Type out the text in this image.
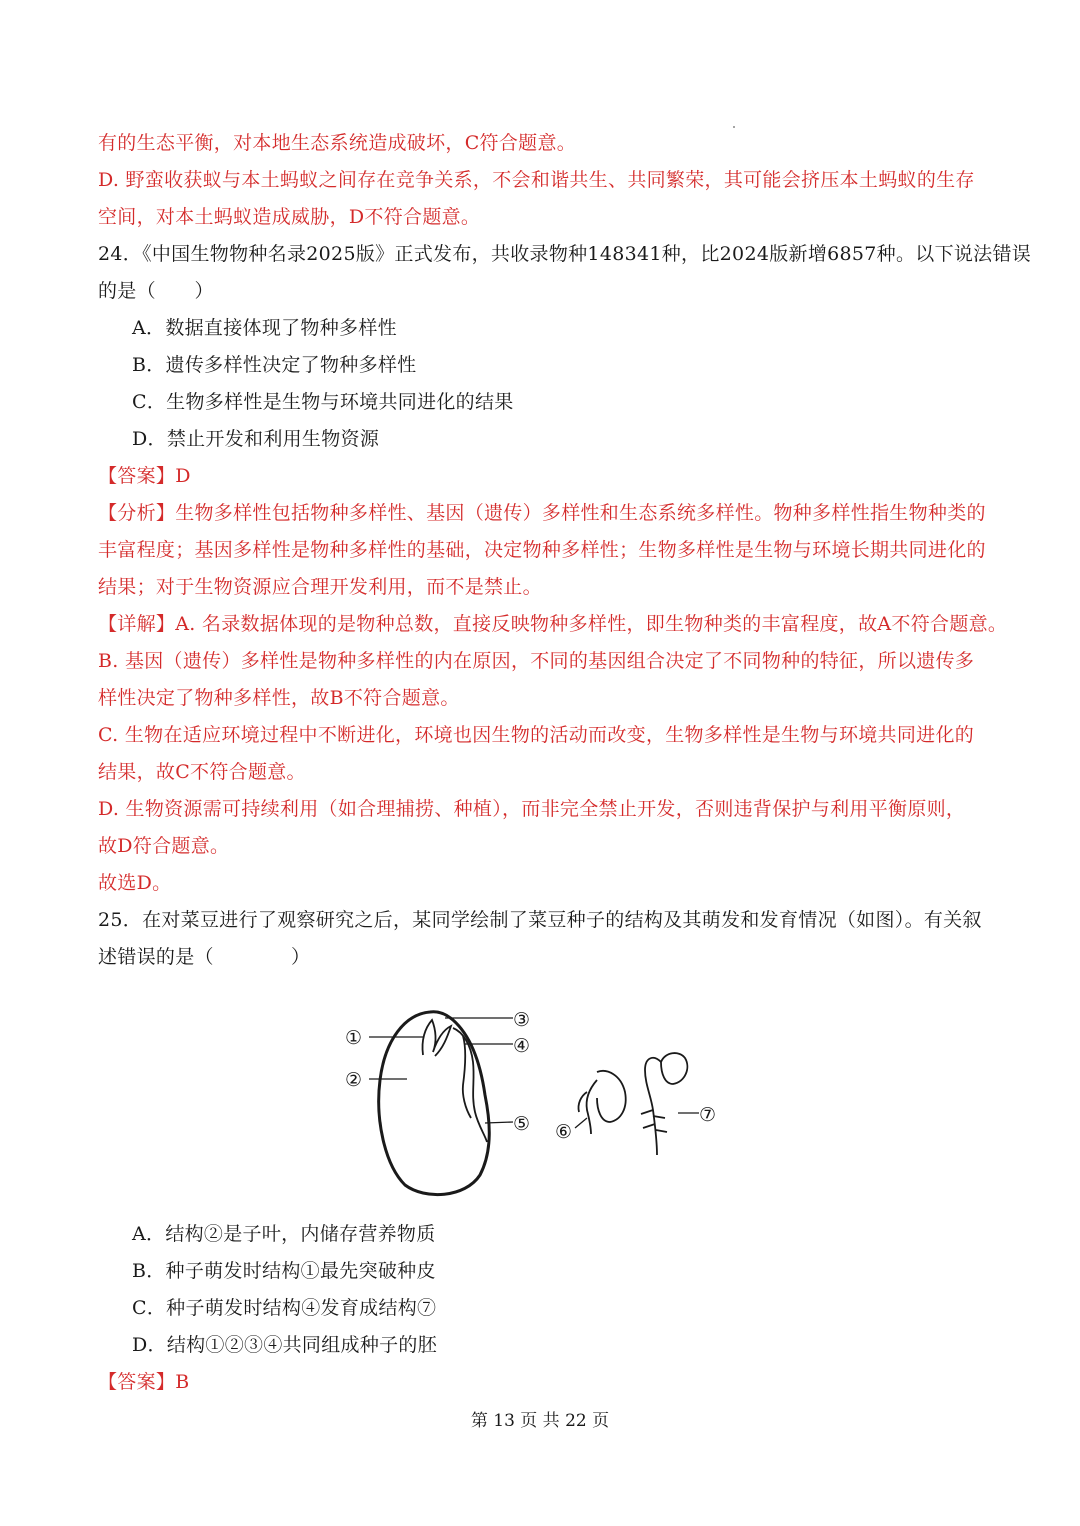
有的生态平衡，对本地生态系统造成破坏，C符合题意。
D. 野蛮收获蚁与本土蚂蚁之间存在竞争关系，不会和谐共生、共同繁荣，其可能会挤压本土蚂蚁的生存
空间，对本土蚂蚁造成威胁，D不符合题意。
24．《中国生物物种名录2025版》正式发布，共收录物种148341种，比2024版新增6857种。以下说法错误
的是（　　）
A．数据直接体现了物种多样性
B．遗传多样性决定了物种多样性
C．生物多样性是生物与环境共同进化的结果
D．禁止开发和利用生物资源
【答案】D
【分析】生物多样性包括物种多样性、基因（遗传）多样性和生态系统多样性。物种多样性指生物种类的
丰富程度；基因多样性是物种多样性的基础，决定物种多样性；生物多样性是生物与环境长期共同进化的
结果；对于生物资源应合理开发利用，而不是禁止。
【详解】A. 名录数据体现的是物种总数，直接反映物种多样性，即生物种类的丰富程度，故A不符合题意。
B. 基因（遗传）多样性是物种多样性的内在原因，不同的基因组合决定了不同物种的特征，所以遗传多
样性决定了物种多样性，故B不符合题意。
C. 生物在适应环境过程中不断进化，环境也因生物的活动而改变，生物多样性是生物与环境共同进化的
结果，故C不符合题意。
D. 生物资源需可持续利用（如合理捕捞、种植），而非完全禁止开发，否则违背保护与利用平衡原则，
故D符合题意。
故选D。
25．在对菜豆进行了观察研究之后，某同学绘制了菜豆种子的结构及其萌发和发育情况（如图）。有关叙
述错误的是（　　　　）
①
②
③
④
⑤ ⑥
⑦
A．结构②是子叶，内储存营养物质
B．种子萌发时结构①最先突破种皮
C．种子萌发时结构④发育成结构⑦
D．结构①②③④共同组成种子的胚
【答案】B
第 13 页 共 22 页
